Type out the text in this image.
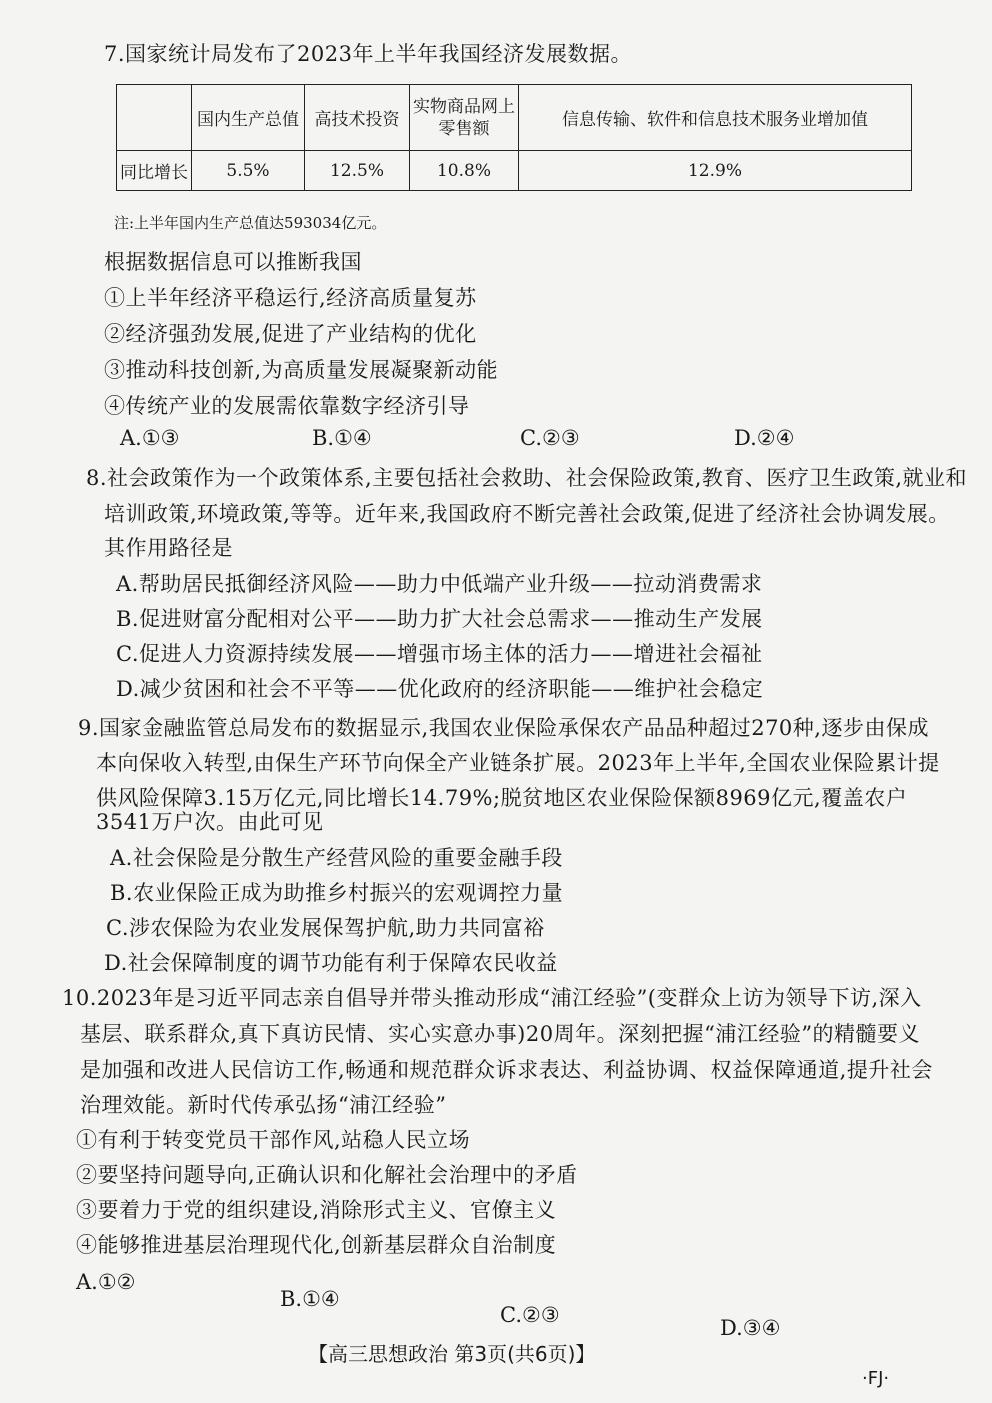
7.国家统计局发布了2023年上半年我国经济发展数据。
	国内生产总值	高技术投资	实物商品网上零售额	信息传输、软件和信息技术服务业增加值
同比增长	5.5%	12.5%	10.8%	12.9%
注:上半年国内生产总值达593034亿元。
根据数据信息可以推断我国
①上半年经济平稳运行,经济高质量复苏
②经济强劲发展,促进了产业结构的优化
③推动科技创新,为高质量发展凝聚新动能
④传统产业的发展需依靠数字经济引导
A.①③	B.①④	C.②③	D.②④
8.社会政策作为一个政策体系,主要包括社会救助、社会保险政策,教育、医疗卫生政策,就业和
培训政策,环境政策,等等。近年来,我国政府不断完善社会政策,促进了经济社会协调发展。
其作用路径是
A.帮助居民抵御经济风险——助力中低端产业升级——拉动消费需求
B.促进财富分配相对公平——助力扩大社会总需求——推动生产发展
C.促进人力资源持续发展——增强市场主体的活力——增进社会福祉
D.减少贫困和社会不平等——优化政府的经济职能——维护社会稳定
9.国家金融监管总局发布的数据显示,我国农业保险承保农产品品种超过270种,逐步由保成
本向保收入转型,由保生产环节向保全产业链条扩展。2023年上半年,全国农业保险累计提
供风险保障3.15万亿元,同比增长14.79%;脱贫地区农业保险保额8969亿元,覆盖农户
3541万户次。由此可见
A.社会保险是分散生产经营风险的重要金融手段
B.农业保险正成为助推乡村振兴的宏观调控力量
C.涉农保险为农业发展保驾护航,助力共同富裕
D.社会保障制度的调节功能有利于保障农民收益
10.2023年是习近平同志亲自倡导并带头推动形成“浦江经验”(变群众上访为领导下访,深入
基层、联系群众,真下真访民情、实心实意办事)20周年。深刻把握“浦江经验”的精髓要义
是加强和改进人民信访工作,畅通和规范群众诉求表达、利益协调、权益保障通道,提升社会
治理效能。新时代传承弘扬“浦江经验”
①有利于转变党员干部作风,站稳人民立场
②要坚持问题导向,正确认识和化解社会治理中的矛盾
③要着力于党的组织建设,消除形式主义、官僚主义
④能够推进基层治理现代化,创新基层群众自治制度
A.①②
B.①④
C.②③
D.③④
【高三思想政治 第3页(共6页)】
·FJ·
